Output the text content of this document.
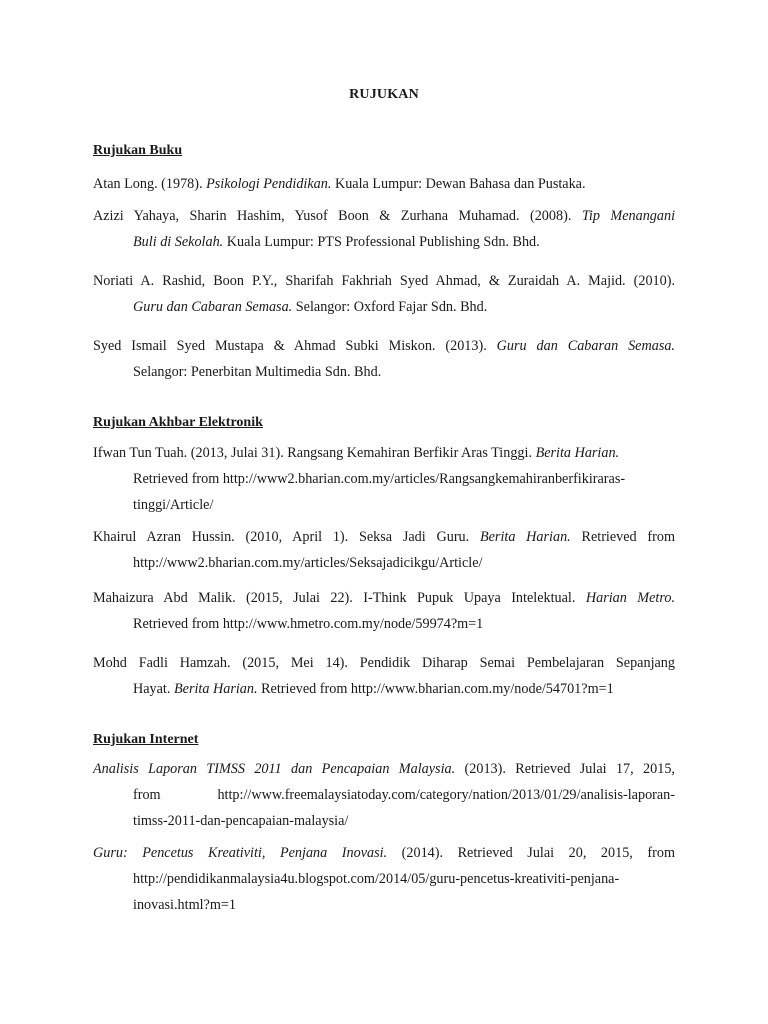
RUJUKAN
Rujukan Buku
Atan Long. (1978). Psikologi Pendidikan. Kuala Lumpur: Dewan Bahasa dan Pustaka.
Azizi Yahaya, Sharin Hashim, Yusof Boon & Zurhana Muhamad. (2008). Tip Menangani
Buli di Sekolah. Kuala Lumpur: PTS Professional Publishing Sdn. Bhd.
Noriati A. Rashid, Boon P.Y., Sharifah Fakhriah Syed Ahmad, & Zuraidah A. Majid. (2010).
Guru dan Cabaran Semasa. Selangor: Oxford Fajar Sdn. Bhd.
Syed Ismail Syed Mustapa & Ahmad Subki Miskon. (2013). Guru dan Cabaran Semasa.
Selangor: Penerbitan Multimedia Sdn. Bhd.
Rujukan Akhbar Elektronik
Ifwan Tun Tuah. (2013, Julai 31). Rangsang Kemahiran Berfikir Aras Tinggi. Berita Harian.
Retrieved from http://www2.bharian.com.my/articles/Rangsangkemahiranberfikiraras-
tinggi/Article/
Khairul Azran Hussin. (2010, April 1). Seksa Jadi Guru. Berita Harian. Retrieved from
http://www2.bharian.com.my/articles/Seksajadicikgu/Article/
Mahaizura Abd Malik. (2015, Julai 22). I-Think Pupuk Upaya Intelektual. Harian Metro.
Retrieved from http://www.hmetro.com.my/node/59974?m=1
Mohd Fadli Hamzah. (2015, Mei 14). Pendidik Diharap Semai Pembelajaran Sepanjang
Hayat. Berita Harian. Retrieved from http://www.bharian.com.my/node/54701?m=1
Rujukan Internet
Analisis Laporan TIMSS 2011 dan Pencapaian Malaysia. (2013). Retrieved Julai 17, 2015,
from http://www.freemalaysiatoday.com/category/nation/2013/01/29/analisis-laporan-
timss-2011-dan-pencapaian-malaysia/
Guru: Pencetus Kreativiti, Penjana Inovasi. (2014). Retrieved Julai 20, 2015, from
http://pendidikanmalaysia4u.blogspot.com/2014/05/guru-pencetus-kreativiti-penjana-
inovasi.html?m=1
